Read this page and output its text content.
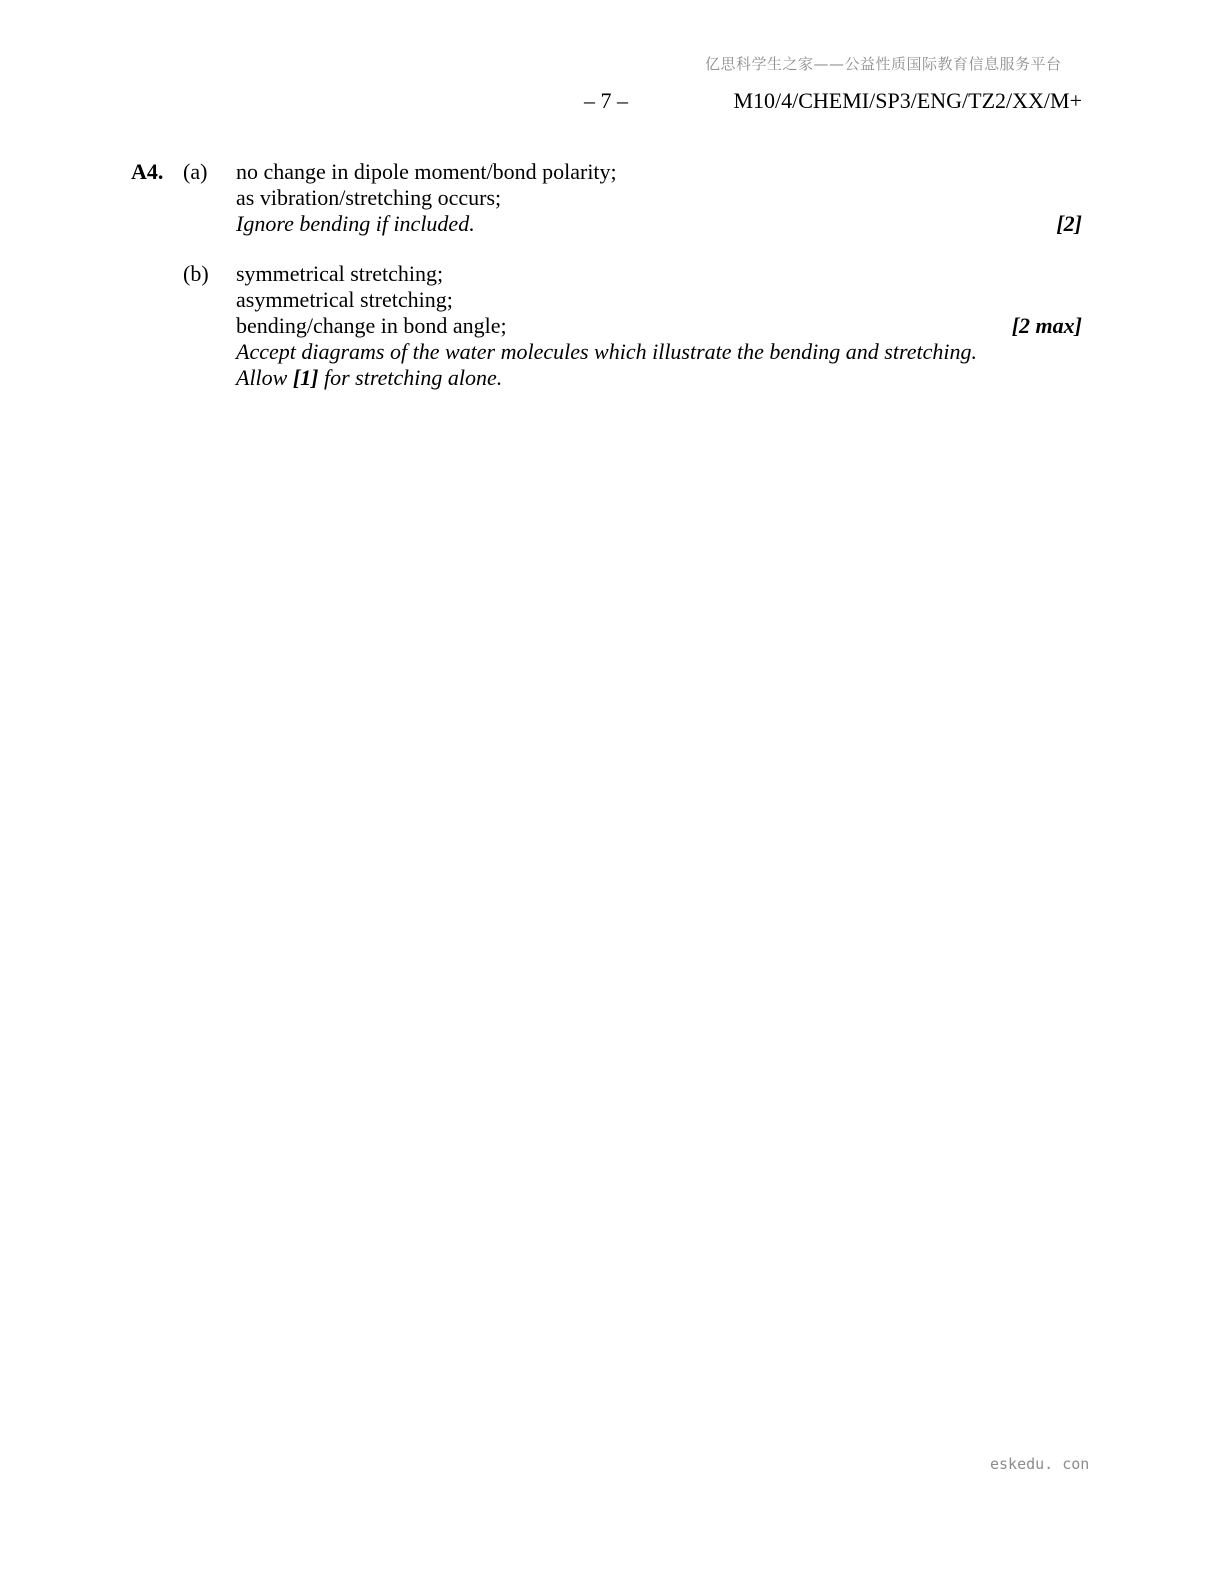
亿思科学生之家——公益性质国际教育信息服务平台
– 7 –	M10/4/CHEMI/SP3/ENG/TZ2/XX/M+
A4. (a) no change in dipole moment/bond polarity;
as vibration/stretching occurs;
Ignore bending if included.	[2]
(b) symmetrical stretching;
asymmetrical stretching;
bending/change in bond angle;	[2 max]
Accept diagrams of the water molecules which illustrate the bending and stretching.
Allow [1] for stretching alone.
eskedu. con
